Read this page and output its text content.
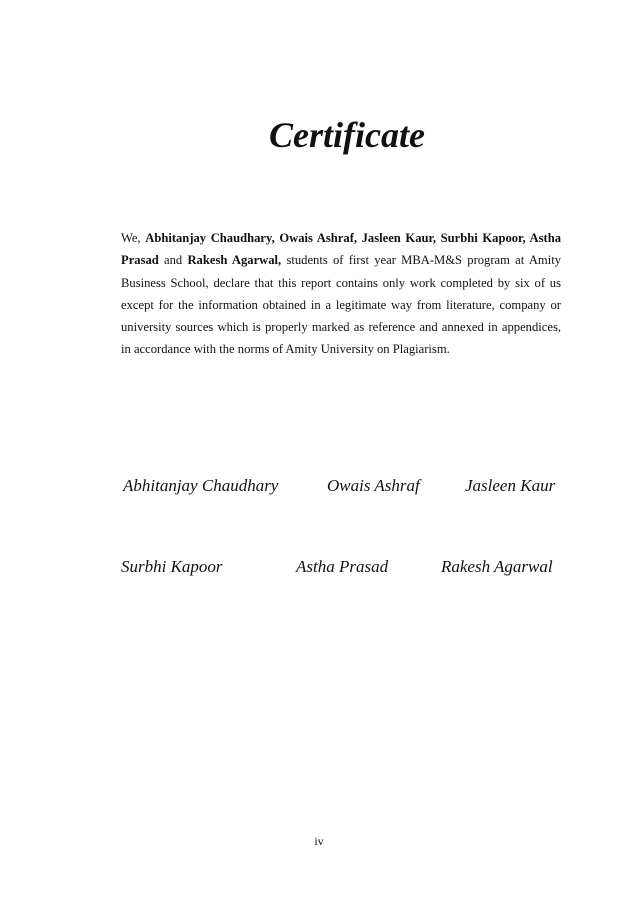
Certificate

We, Abhitanjay Chaudhary, Owais Ashraf, Jasleen Kaur, Surbhi Kapoor, Astha Prasad and Rakesh Agarwal, students of first year MBA-M&S program at Amity Business School, declare that this report contains only work completed by six of us except for the information obtained in a legitimate way from literature, company or university sources which is properly marked as reference and annexed in appendices, in accordance with the norms of Amity University on Plagiarism.

Abhitanjay Chaudhary	Owais Ashraf	Jasleen Kaur
Surbhi Kapoor	Astha Prasad	Rakesh Agarwal
iv
